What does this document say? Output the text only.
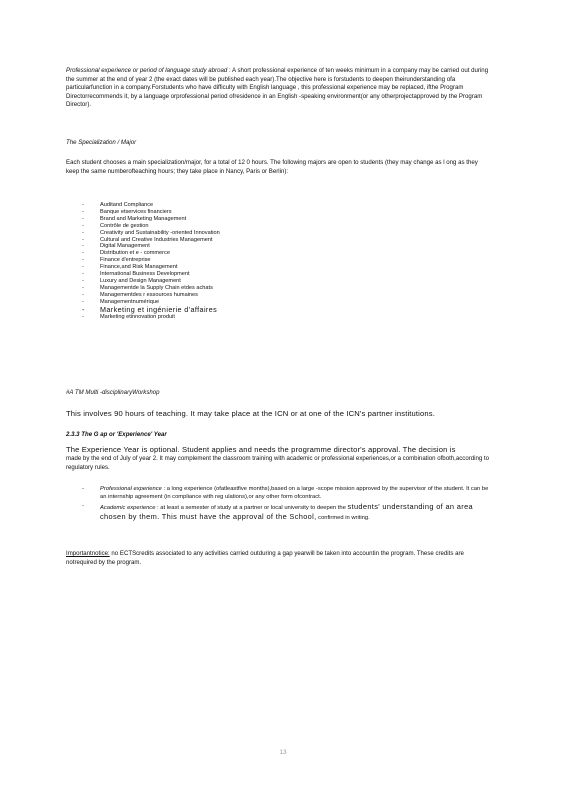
Professional experience or period of language study abroad : A short professional experience of ten weeks minimum in a company may be carried out during the summer at the end of year 2 (the exact dates will be published each year).The objective here is forstudents to deepen theirunderstanding ofa particularfunction in a company.Forstudents who have difficulty with English language , this professional experience may be replaced, ifthe Program Directorrecommends it, by a language orprofessional period ofresidence in an English -speaking environment(or any otherprojectapproved by the Program Director).
The Specialization / Major
Each student chooses a main specialization/major, for a total of 12 0 hours. The following majors are open to students (they may change as l ong as they keep the same numberofteaching hours; they take place in Nancy, Paris or Berlin):
- Auditand Compliance
- Banque etservices financiers
- Brand and Marketing Management
- Contrôle de gestion
- Creativity and Sustainability -oriented Innovation
- Cultural and Creative Industries Management
- Digital Management
- Distribution et e - commerce
- Finance d'entreprise
- Finance,and Risk Management
- International Business Development
- Luxury and Design Management
- Managementde la Supply Chain etdes achats
- Managementdes r essources humaines
- Managementnumérique
- Marketing et ingénierie d'affaires
- Marketing etinnovation produit
#A TM Multi -disciplinaryWorkshop
This involves 90 hours of teaching. It may take place at the ICN or at one of the ICN's partner institutions.
2.3.3 The G ap or 'Experience' Year
The Experience Year is optional. Student applies and needs the programme director's approval. The decision is
made by the end of July of year 2. It may complement the classroom training with academic or professional experiences,or a combination ofboth,according to regulatory rules.
- Professional experience : a long experience (ofatleastfive months),based on a large -scope mission approved by the supervisor of the student. It can be an internship agreement (in compliance with reg ulations),or any other form ofcontract.
- Academic experience : at least a semester of study at a partner or local university to deepen the students' understanding of an area chosen by them. This must have the approval of the School, confirmed in writing.
Importantnotice: no ECTScredits associated to any activities carried outduring a gap yearwill be taken into accountin the program. These credits are notrequired by the program.
13
